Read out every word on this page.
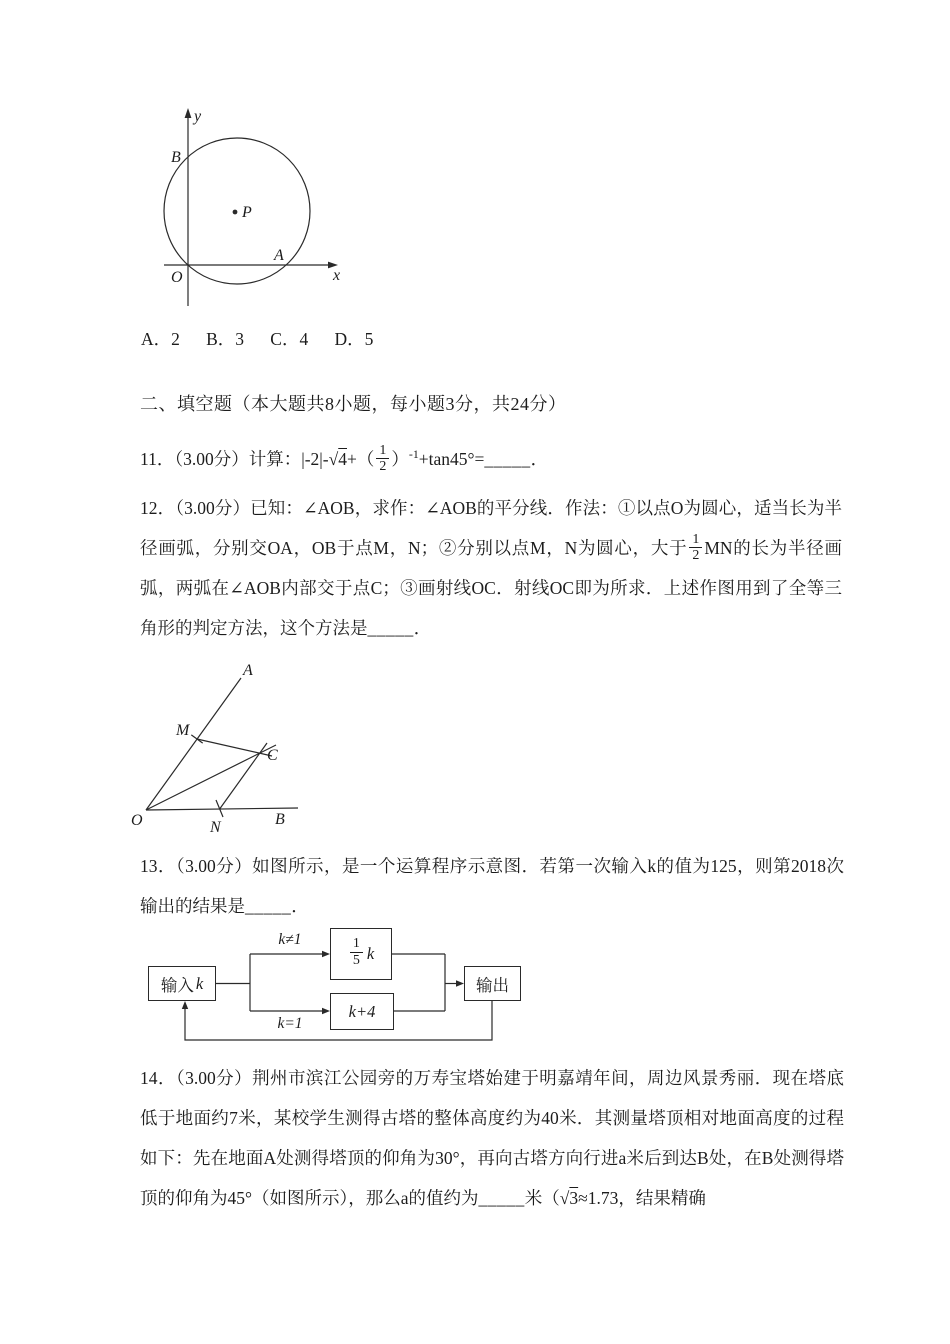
y
B
P
O
A
x
A．2      B．3      C．4      D．5
二、填空题（本大题共8小题，每小题3分，共24分）
11．（3.00分）计算：$|-2|-√4+( \frac{1}{2}$ ）$^{-1}+\tan 45^\circ=\_\_\_\_\_$．
12．（3.00分）已知：∠AOB，求作：∠AOB的平分线．作法：①以点O为圆心，适当长为半径画弧，分别交OA，OB于点M，N；②分别以点M，N为圆心，大于 $\frac{1}{2}$ MN的长为半径画弧，两弧在∠AOB内部交于点C；③画射线OC．射线OC即为所求．上述作图用到了全等三角形的判定方法，这个方法是_____．
A
M
C
O	N	B
13．（3.00分）如图所示，是一个运算程序示意图．若第一次输入k的值为125，则第2018次输出的结果是_____．
输入 k
$\frac{1}{5}$ k
k+4
输出
k≠1
k=1
14．（3.00分）荆州市滨江公园旁的万寿宝塔始建于明嘉靖年间，周边风景秀丽．现在塔底低于地面约7米，某校学生测得古塔的整体高度约为40米．其测量塔顶相对地面高度的过程如下：先在地面A处测得塔顶的仰角为30°，再向古塔方向行进a米后到达B处，在B处测得塔顶的仰角为45°（如图所示），那么a的值约为_____米（√3≈1.73，结果精确
